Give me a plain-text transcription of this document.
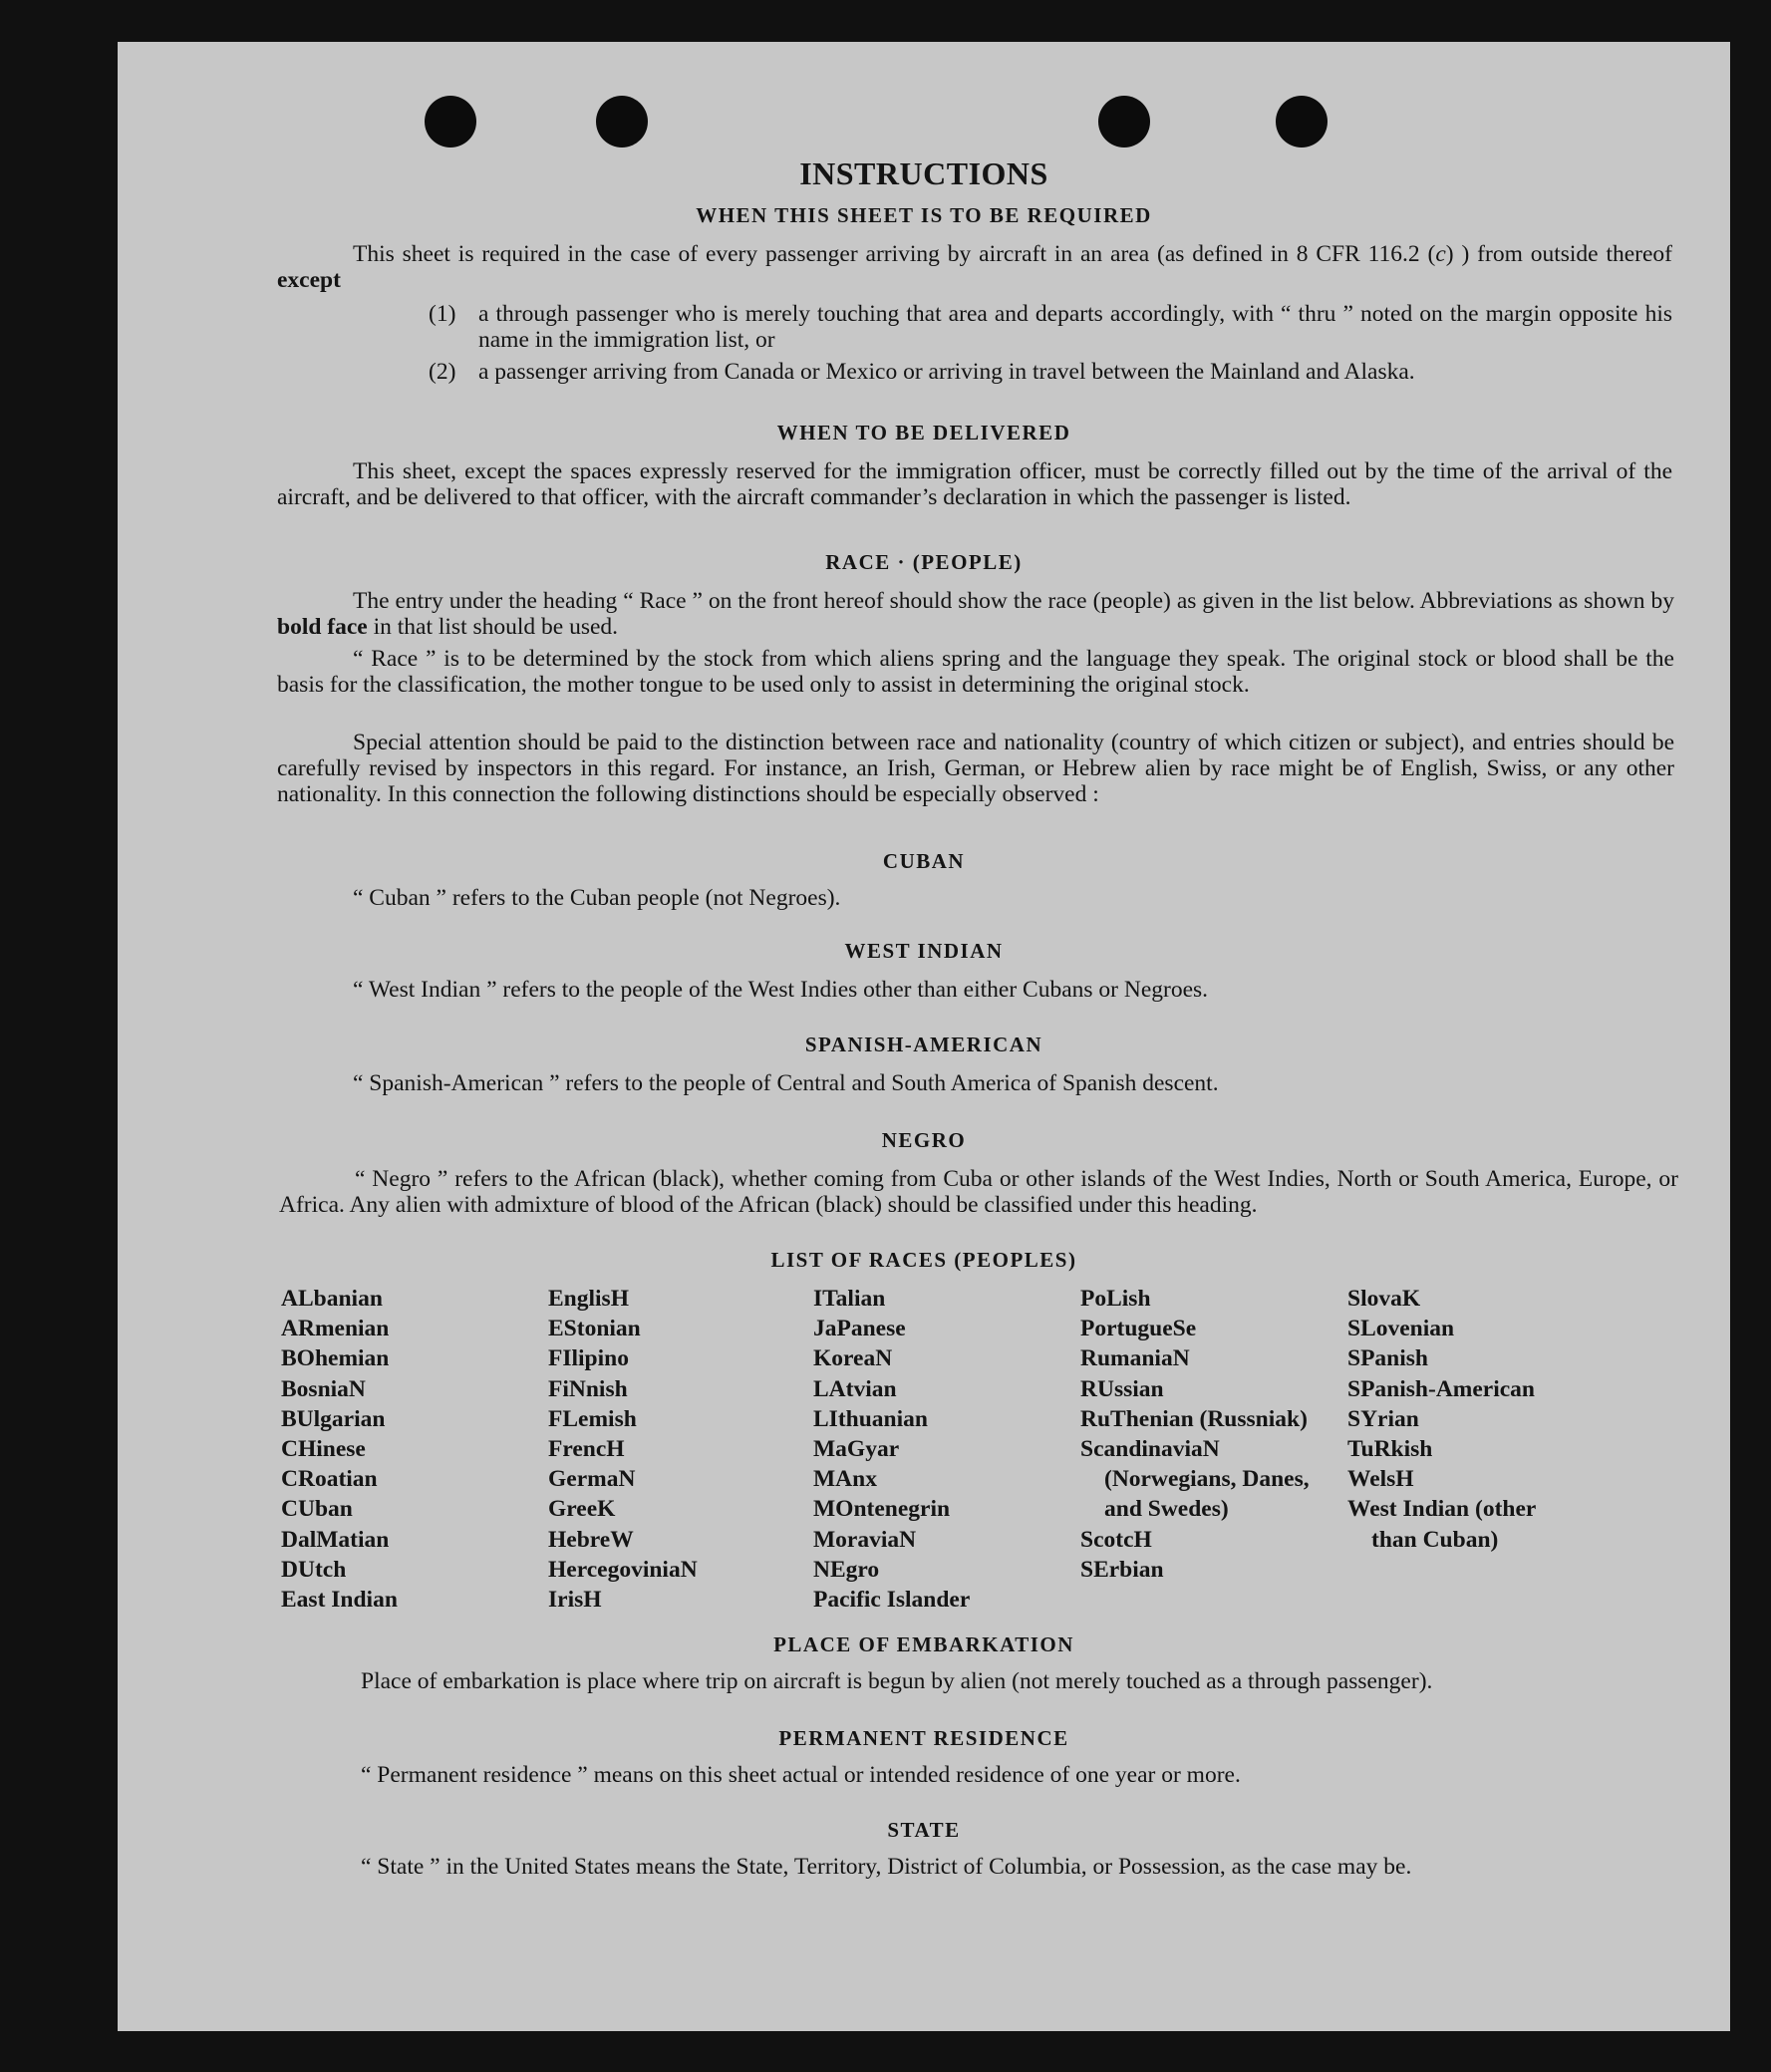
INSTRUCTIONS
WHEN THIS SHEET IS TO BE REQUIRED
This sheet is required in the case of every passenger arriving by aircraft in an area (as defined in 8 CFR 116.2 (c) ) from outside thereof except
(1) a through passenger who is merely touching that area and departs accordingly, with “ thru ” noted on the margin opposite his name in the immigration list, or
(2) a passenger arriving from Canada or Mexico or arriving in travel between the Mainland and Alaska.
WHEN TO BE DELIVERED
This sheet, except the spaces expressly reserved for the immigration officer, must be correctly filled out by the time of the arrival of the aircraft, and be delivered to that officer, with the aircraft commander’s declaration in which the passenger is listed.
RACE · (PEOPLE)
The entry under the heading “ Race ” on the front hereof should show the race (people) as given in the list below. Abbreviations as shown by bold face in that list should be used.
“ Race ” is to be determined by the stock from which aliens spring and the language they speak. The original stock or blood shall be the basis for the classification, the mother tongue to be used only to assist in determining the original stock.
Special attention should be paid to the distinction between race and nationality (country of which citizen or subject), and entries should be carefully revised by inspectors in this regard. For instance, an Irish, German, or Hebrew alien by race might be of English, Swiss, or any other nationality. In this connection the following distinctions should be especially observed :
CUBAN
“ Cuban ” refers to the Cuban people (not Negroes).
WEST INDIAN
“ West Indian ” refers to the people of the West Indies other than either Cubans or Negroes.
SPANISH-AMERICAN
“ Spanish-American ” refers to the people of Central and South America of Spanish descent.
NEGRO
“ Negro ” refers to the African (black), whether coming from Cuba or other islands of the West Indies, North or South America, Europe, or Africa. Any alien with admixture of blood of the African (black) should be classified under this heading.
LIST OF RACES (PEOPLES)
ALbanian
ARmenian
BOhemian
BosniaN
BUlgarian
CHinese
CRoatian
CUban
DalMatian
DUtch
East Indian
EnglisH
EStonian
FIlipino
FiNnish
FLemish
FrencH
GermaN
GreeK
HebreW
HercegoviniaN
IrisH
ITalian
JaPanese
KoreaN
LAtvian
LIthuanian
MaGyar
MAnx
MOntenegrin
MoraviaN
NEgro
Pacific Islander
PoLish
PortugueSe
RumaniaN
RUssian
RuThenian (Russniak)
ScandinaviaN (Norwegians, Danes, and Swedes)
ScotcH
SErbian
SlovaK
SLovenian
SPanish
SPanish-American
SYrian
TuRkish
WelsH
West Indian (other than Cuban)
PLACE OF EMBARKATION
Place of embarkation is place where trip on aircraft is begun by alien (not merely touched as a through passenger).
PERMANENT RESIDENCE
“ Permanent residence ” means on this sheet actual or intended residence of one year or more.
STATE
“ State ” in the United States means the State, Territory, District of Columbia, or Possession, as the case may be.
